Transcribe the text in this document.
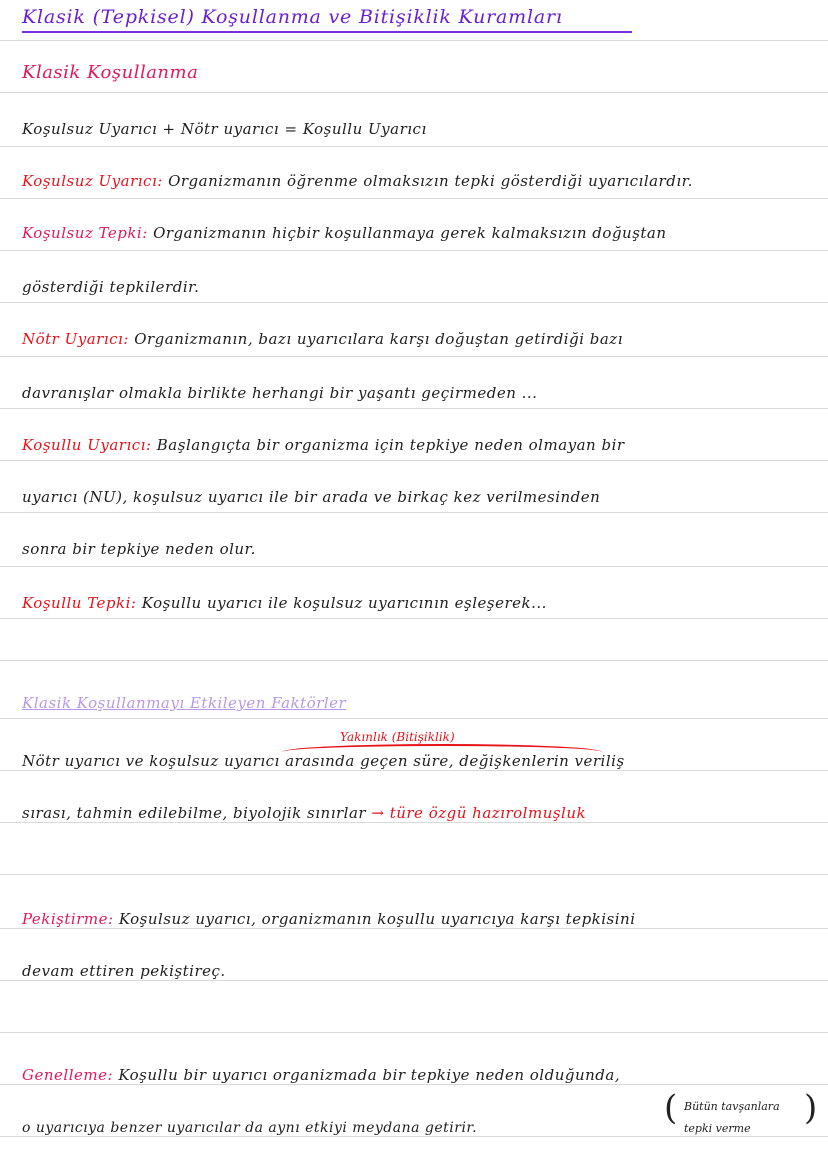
Klasik (Tepkisel) Koşullanma ve Bitişiklik Kuramları
Klasik Koşullanma
Koşulsuz Uyarıcı + Nötr uyarıcı = Koşullu Uyarıcı
Koşulsuz Uyarıcı: Organizmanın öğrenme olmaksızın tepki gösterdiği uyarıcılardır.
Koşulsuz Tepki: Organizmanın hiçbir koşullanmaya gerek kalmaksızın doğuştan
gösterdiği tepkilerdir.
Nötr Uyarıcı: Organizmanın, bazı uyarıcılara karşı doğuştan getirdiği bazı
davranışlar olmakla birlikte herhangi bir yaşantı geçirmeden ...
Koşullu Uyarıcı: Başlangıçta bir organizma için tepkiye neden olmayan bir
uyarıcı (NU), koşulsuz uyarıcı ile bir arada ve birkaç kez verilmesinden
sonra bir tepkiye neden olur.
Koşullu Tepki: Koşullu uyarıcı ile koşulsuz uyarıcının eşleşerek...
Klasik Koşullanmayı Etkileyen Faktörler
Yakınlık (Bitişiklik)
Nötr uyarıcı ve koşulsuz uyarıcı arasında geçen süre, değişkenlerin veriliş
sırası, tahmin edilebilme, biyolojik sınırlar → türe özgü hazırolmuşluk
Pekiştirme: Koşulsuz uyarıcı, organizmanın koşullu uyarıcıya karşı tepkisini
devam ettiren pekiştireç.
Genelleme: Koşullu bir uyarıcı organizmada bir tepkiye neden olduğunda,
o uyarıcıya benzer uyarıcılar da aynı etkiyi meydana getirir.	( Bütün tavşanlara
tepki verme
)
